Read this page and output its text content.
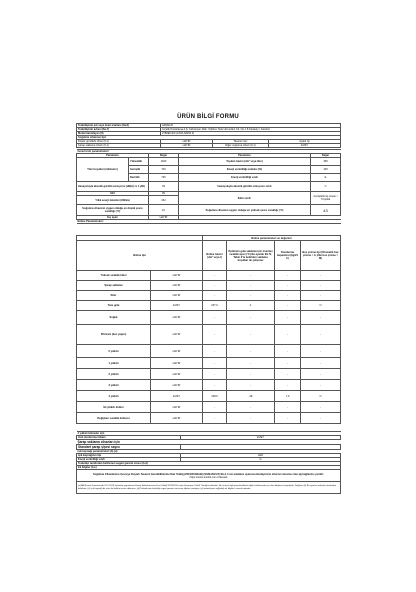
ÜRÜN BİLGİ FORMU
Tedarikçinin adı veya ticari markası (6a,6)	ARÇELİK		
Tedarikçinin adresi (6a,7)	Arçelik Pazarlama A.Ş. Kahraman Mah. Sütlüce Tesk Hizmetleri Cd. No:1 8 Karaköy / İstanbul		
Model tanımlayıcı (6)	2780EN.EX (1036.A8303.2)		
Soğutma cihazının tipi:			
Düşük gürültülü cihaz (6,1)	HAYIR	Tasarım tipi:	Ayaklı tip
Şarap saklama cihazı (6,1)	HAYIR	Diğer soğutma cihazı (6,1)	EVET
Genel ürün parametreleri:				
Parametre		Değer	Parametre	Değer
Tüm boyutlar (milimetre)	Yükseklik	1920	Toplam hacim (dm³ veya litre)	465
	Genişlik	700	Enerji verimliliği endeksi (%)	105
	Derinlik	735	Enerji verimliliği sınıfı	E
Havayoluyla akustik gürültü emisyonu (dB(A) re 1 pW)		39	Havayoluyla akustik gürültü emisyonu sınıfı	C
EEI		99	İklim sınıfı:	Genişletilmiş ılıman / Tropikal
Yıllık enerji tüketimi (kWh/a)		232		
Soğutma cihazının uygun olduğu en düşük çevre sıcaklığı (°C)		10	Soğutma cihazının uygun olduğu en yüksek çevre sıcaklığı (°C)	43
Kış ayarı		HAYIR		
Bölme Parametreleri:				
		Bölme parametreleri ve değerleri			
Bölme tipi		Bölme hacmi (dm³ veya l)	Optimum gıda saklama için önerilen sıcaklık ayarı (°C) Bu ayarlar Ek IV, Tablo 3'te belirtilen saklama koşulları ile çelişmez	Dondurma kapasitesi (kg/24 h)	Buz çözme tipi (Otomatik buz çözme = A, Elle buz çözme = M)
Yüksek sıcaklık kileri	HAYIR	-	-	-	-
Şarap saklama	HAYIR	-	-	-	-
Kiler	HAYIR	-	-	-	-
Taze gıda	EVET	237,0	4	-	O
Soğuk	HAYIR	-	-	-	-
Prizlesiz (buz yapıcı)	HAYIR	-	-	-	-
0 yıldızlı	HAYIR	-	-	-	-
1 yıldızlı	HAYIR	-	-	-	-
2 yıldızlı	HAYIR	-	-	-	-
3 yıldızlı	HAYIR	-	-	-	-
4 yıldızlı	EVET	108,0	-18	7,0	O
İki yıldızlı bölüm	HAYIR	-	-	-	-
Değişken sıcaklık bölmesi	HAYIR	-	-	-	-
4 yıldızlı bölmeler için	
Hızlı dondurma imkanı	EVET
Şarap saklama cihazları için	
Standart şarap şişesi sayısı	
Işık kaynağı parametreleri (b) (c):	
Işık kaynağının tipi	LED
Enerji verimliliği sınıfı	G
Tedarikçi tarafından belirlenen asgari garanti süresi (b,d)	
Ek bilgiler (b,e)	
Soğutma Cihazlarının Çevreye Duyarlı Tasarım Gerekliliklerine Dair Tebliğ (2019/2019/AB) (SGM-2021/7) Ek-4-4 nci maddesi uyarınca kiralayıcının internet sitesine olan ağ bağlantısı yeridir:
https://www.arcelik.com.tr/destek	
(a) AB Resmi Gazetesinde 5.12.2019 tarihinde yayımlanan Enerji Etiketlemesine Dair Tebliğ 2019/2016 sayılı Komisyon Yetkili Tüzüğü hükümleri, Bu ürünün ilgili yönetmelikteki öğeler tablosunda yer alan bilgilerin kaynağıdır. Dağılım; (b) Bu ayarlar tedarikçi tarafından belirlenir; (c) Işık kaynağı bir ürün ile birlikte temin edilmişse; (d) Tedarikçinin belirttiği asgari garanti süresinin öğeleri çizelgesi; (e) tedarikçinin sağladığı ek bilgiler; sonraki adımlar.	
